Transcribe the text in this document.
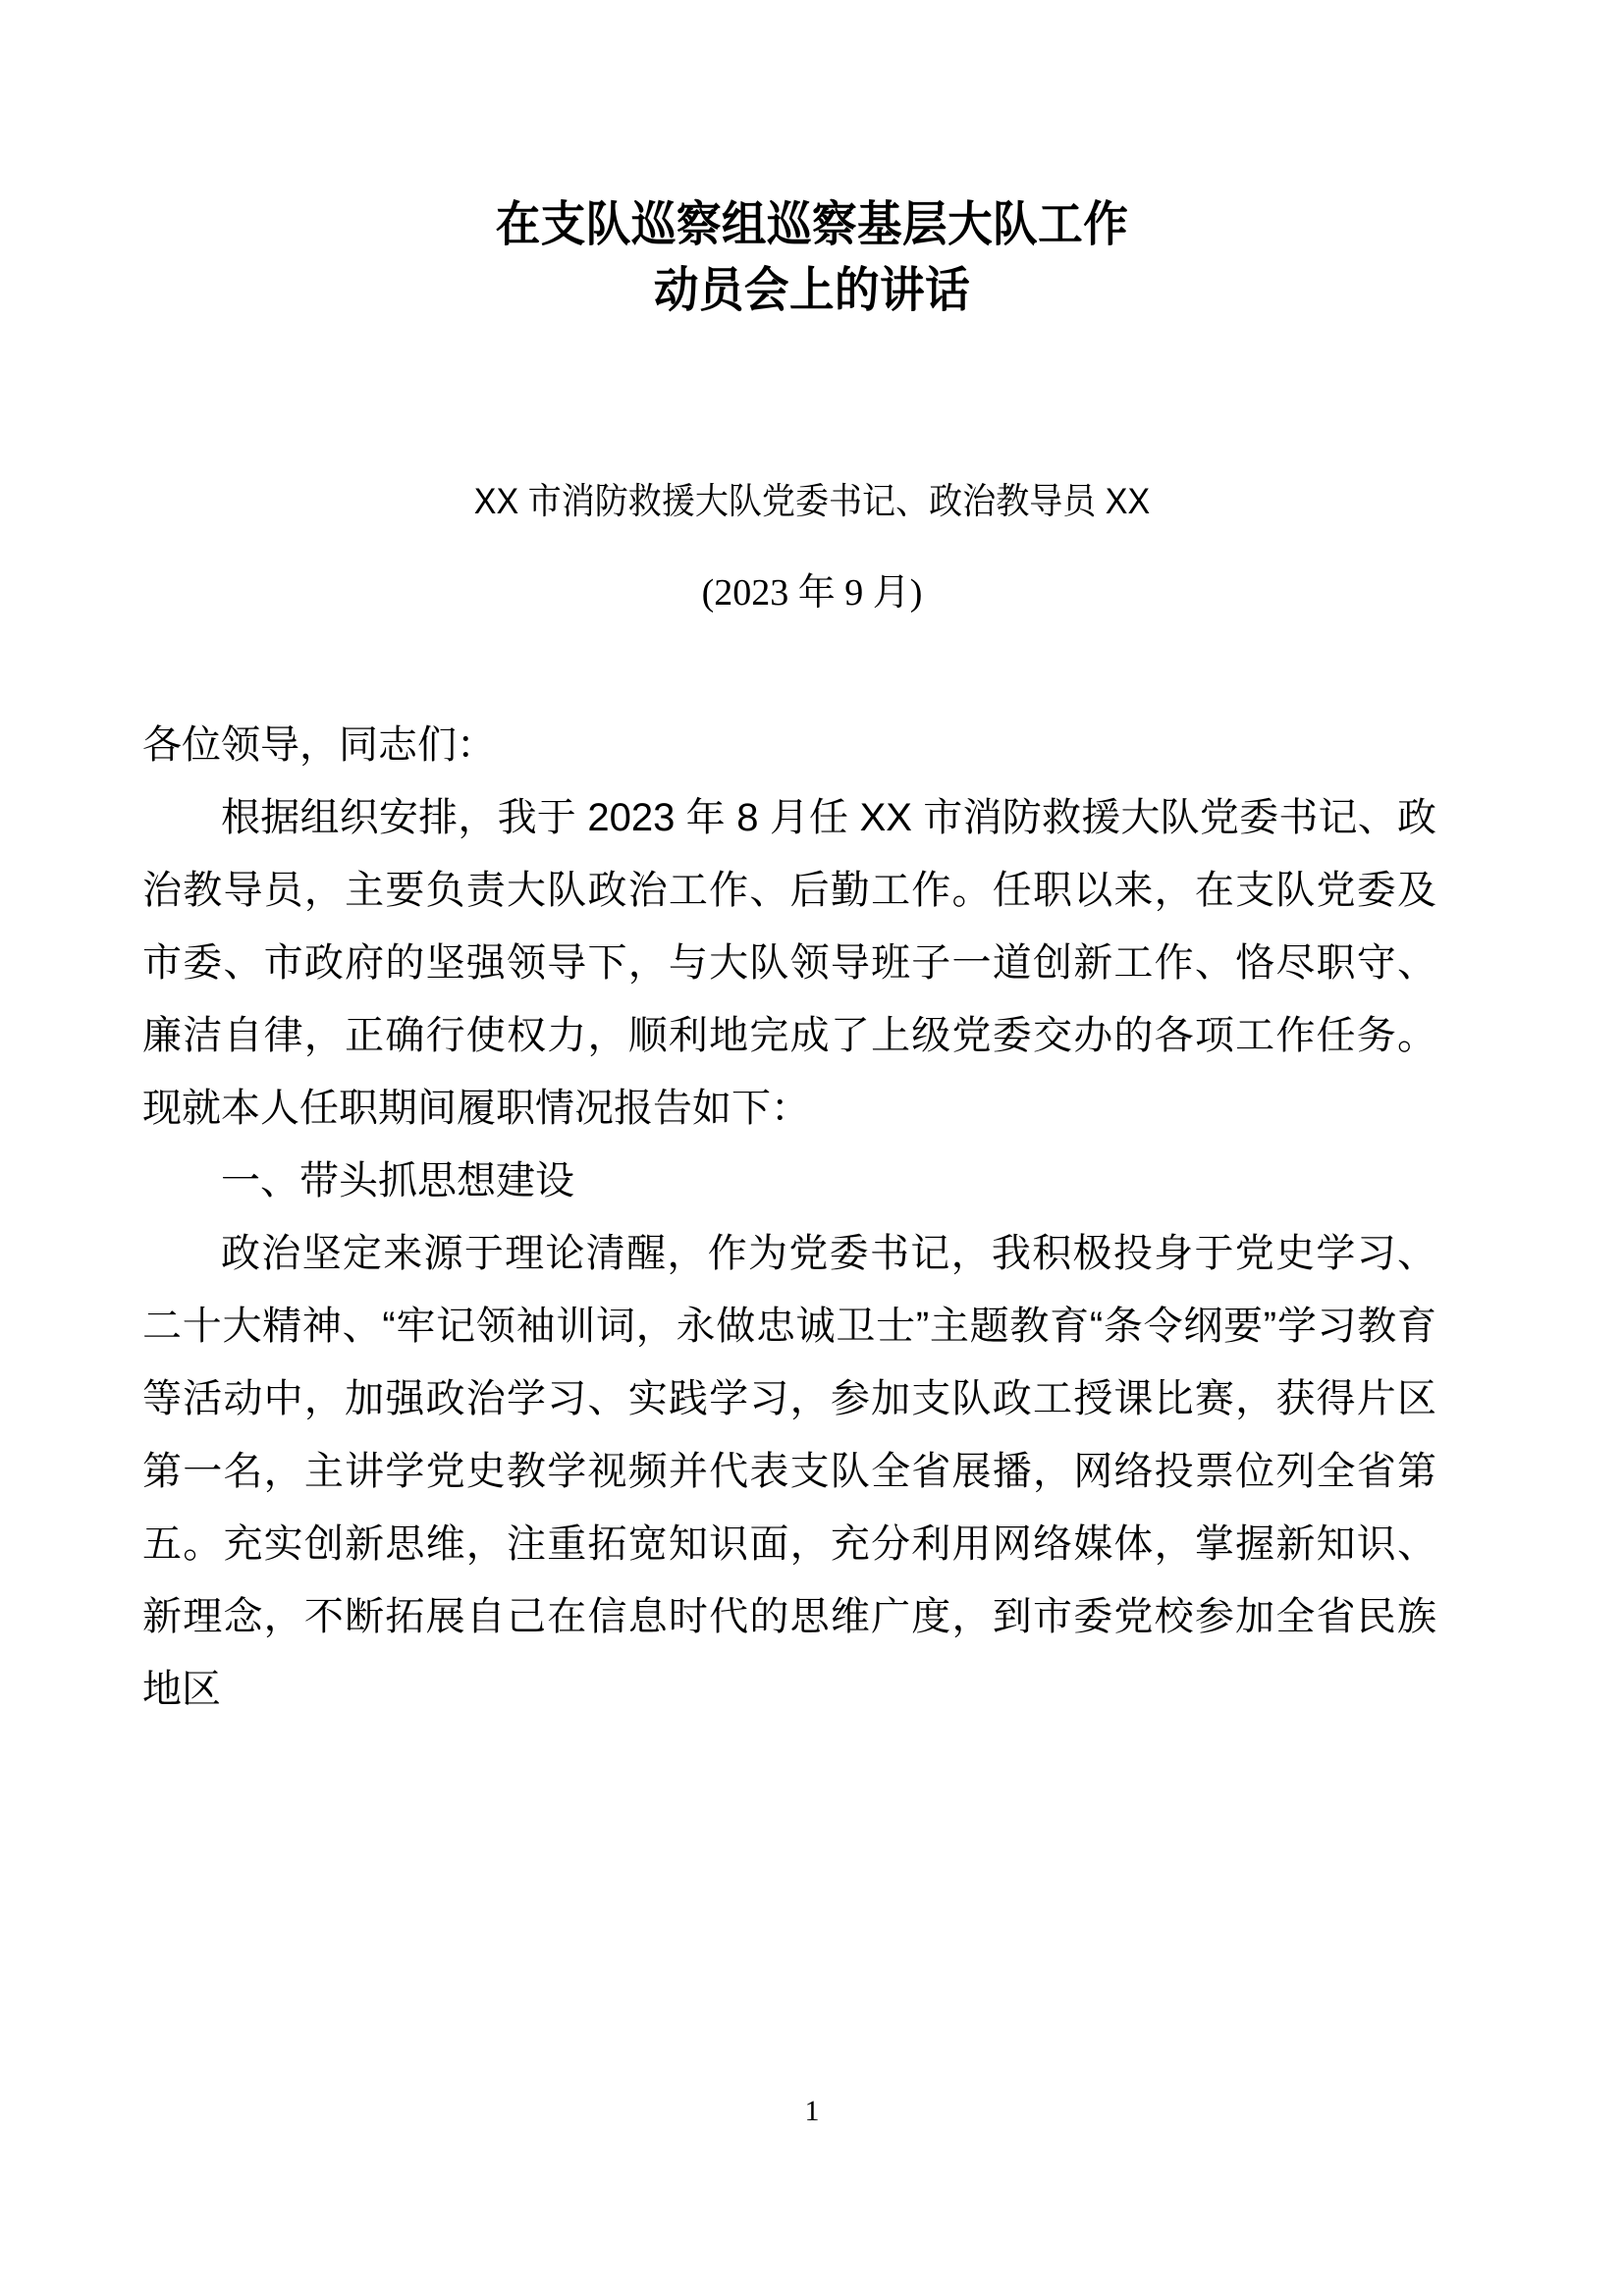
在支队巡察组巡察基层大队工作
动员会上的讲话
XX 市消防救援大队党委书记、政治教导员 XX
(2023 年 9 月)

各位领导，同志们：

根据组织安排，我于 2023 年 8 月任 XX 市消防救援大队党委书记、政治教导员，主要负责大队政治工作、后勤工作。任职以来，在支队党委及市委、市政府的坚强领导下，与大队领导班子一道创新工作、恪尽职守、廉洁自律，正确行使权力，顺利地完成了上级党委交办的各项工作任务。现就本人任职期间履职情况报告如下：

一、带头抓思想建设

政治坚定来源于理论清醒，作为党委书记，我积极投身于党史学习、二十大精神、“牢记领袖训词，永做忠诚卫士”主题教育“条令纲要”学习教育等活动中，加强政治学习、实践学习，参加支队政工授课比赛，获得片区第一名，主讲学党史教学视频并代表支队全省展播，网络投票位列全省第五。充实创新思维，注重拓宽知识面，充分利用网络媒体，掌握新知识、新理念，不断拓展自己在信息时代的思维广度，到市委党校参加全省民族地区

1
